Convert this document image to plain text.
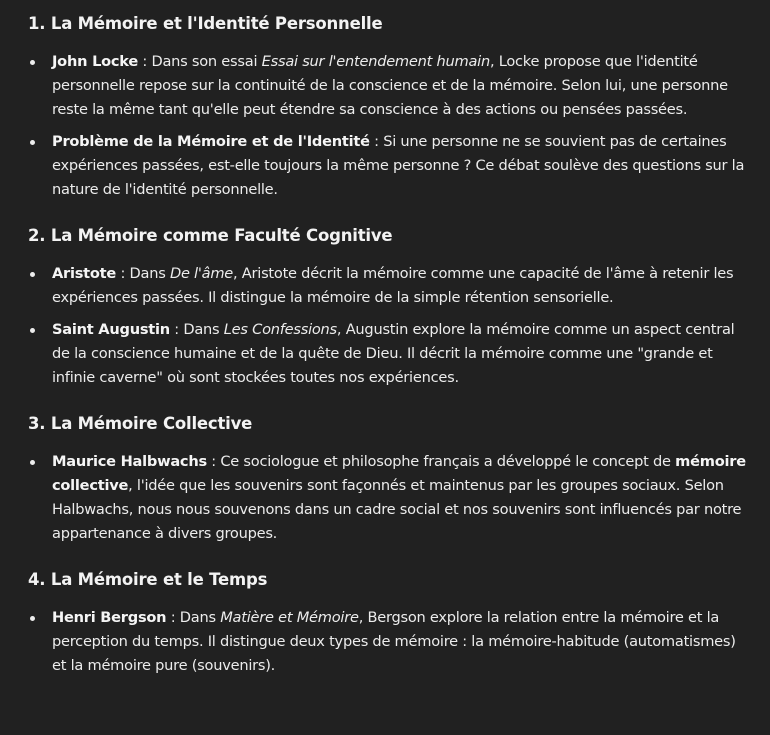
1. La Mémoire et l'Identité Personnelle
John Locke : Dans son essai Essai sur l'entendement humain, Locke propose que l'identité personnelle repose sur la continuité de la conscience et de la mémoire. Selon lui, une personne reste la même tant qu'elle peut étendre sa conscience à des actions ou pensées passées.
Problème de la Mémoire et de l'Identité : Si une personne ne se souvient pas de certaines expériences passées, est-elle toujours la même personne ? Ce débat soulève des questions sur la nature de l'identité personnelle.
2. La Mémoire comme Faculté Cognitive
Aristote : Dans De l'âme, Aristote décrit la mémoire comme une capacité de l'âme à retenir les expériences passées. Il distingue la mémoire de la simple rétention sensorielle.
Saint Augustin : Dans Les Confessions, Augustin explore la mémoire comme un aspect central de la conscience humaine et de la quête de Dieu. Il décrit la mémoire comme une "grande et infinie caverne" où sont stockées toutes nos expériences.
3. La Mémoire Collective
Maurice Halbwachs : Ce sociologue et philosophe français a développé le concept de mémoire collective, l'idée que les souvenirs sont façonnés et maintenus par les groupes sociaux. Selon Halbwachs, nous nous souvenons dans un cadre social et nos souvenirs sont influencés par notre appartenance à divers groupes.
4. La Mémoire et le Temps
Henri Bergson : Dans Matière et Mémoire, Bergson explore la relation entre la mémoire et la perception du temps. Il distingue deux types de mémoire : la mémoire-habitude (automatismes) et la mémoire pure (souvenirs).
